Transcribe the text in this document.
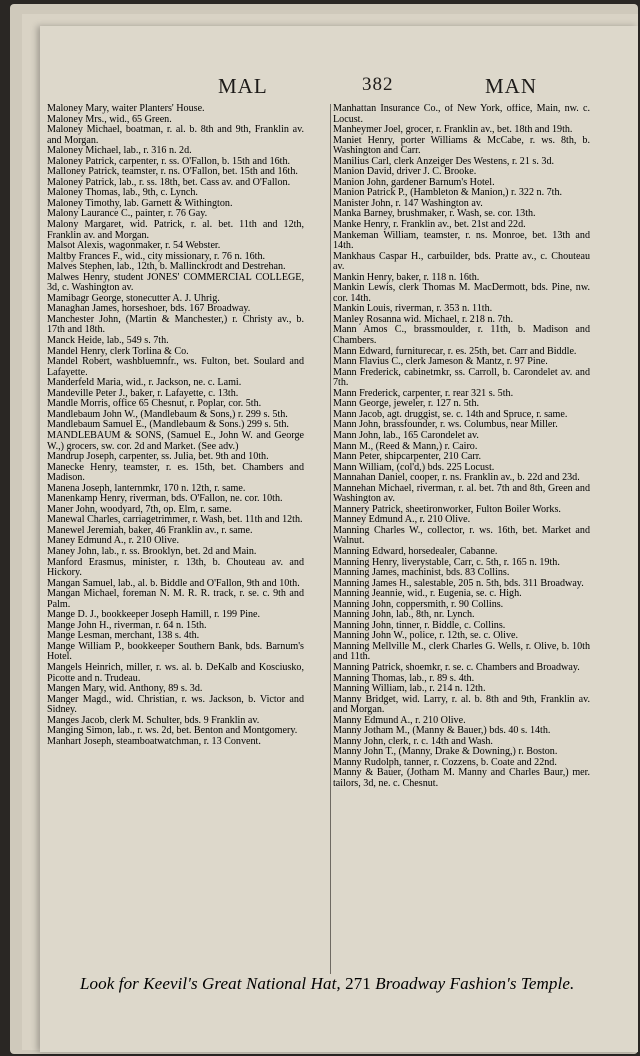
MAL	382	MAN
Maloney Mary, waiter Planters' House.
Maloney Mrs., wid., 65 Green.
Maloney Michael, boatman, r. al. b. 8th and 9th, Franklin av. and Morgan.
Maloney Michael, lab., r. 316 n. 2d.
Maloney Patrick, carpenter, r. ss. O'Fallon, b. 15th and 16th.
Malloney Patrick, teamster, r. ns. O'Fallon, bet. 15th and 16th.
Maloney Patrick, lab., r. ss. 18th, bet. Cass av. and O'Fallon.
Maloney Thomas, lab., 9th, c. Lynch.
Maloney Timothy, lab. Garnett & Withington.
Malony Laurance C., painter, r. 76 Gay.
Malony Margaret, wid. Patrick, r. al. bet. 11th and 12th, Franklin av. and Morgan.
Malsot Alexis, wagonmaker, r. 54 Webster.
Maltby Frances F., wid., city missionary, r. 76 n. 16th.
Malves Stephen, lab., 12th, b. Mallinckrodt and Destrehan.
Malwes Henry, student JONES' COMMERCIAL COLLEGE, 3d, c. Washington av.
Mamibagr George, stonecutter A. J. Uhrig.
Managhan James, horseshoer, bds. 167 Broadway.
Manchester John, (Martin & Manchester,) r. Christy av., b. 17th and 18th.
Manck Heide, lab., 549 s. 7th.
Mandel Henry, clerk Torlina & Co.
Mandel Robert, washbluemnfr., ws. Fulton, bet. Soulard and Lafayette.
Manderfeld Maria, wid., r. Jackson, ne. c. Lami.
Mandeville Peter J., baker, r. Lafayette, c. 13th.
Mandle Morris, office 65 Chesnut, r. Poplar, cor. 5th.
Mandlebaum John W., (Mandlebaum & Sons,) r. 299 s. 5th.
Mandlebaum Samuel E., (Mandlebaum & Sons.) 299 s. 5th.
MANDLEBAUM & SONS, (Samuel E., John W. and George W.,) grocers, sw. cor. 2d and Market. (See adv.)
Mandrup Joseph, carpenter, ss. Julia, bet. 9th and 10th.
Manecke Henry, teamster, r. es. 15th, bet. Chambers and Madison.
Manena Joseph, lanternmkr, 170 n. 12th, r. same.
Manenkamp Henry, riverman, bds. O'Fallon, ne. cor. 10th.
Maner John, woodyard, 7th, op. Elm, r. same.
Manewal Charles, carriagetrimmer, r. Wash, bet. 11th and 12th.
Manewel Jeremiah, baker, 46 Franklin av., r. same.
Maney Edmund A., r. 210 Olive.
Maney John, lab., r. ss. Brooklyn, bet. 2d and Main.
Manford Erasmus, minister, r. 13th, b. Chouteau av. and Hickory.
Mangan Samuel, lab., al. b. Biddle and O'Fallon, 9th and 10th.
Mangan Michael, foreman N. M. R. R. track, r. se. c. 9th and Palm.
Mange D. J., bookkeeper Joseph Hamill, r. 199 Pine.
Mange John H., riverman, r. 64 n. 15th.
Mange Lesman, merchant, 138 s. 4th.
Mange William P., bookkeeper Southern Bank, bds. Barnum's Hotel.
Mangels Heinrich, miller, r. ws. al. b. DeKalb and Kosciusko, Picotte and n. Trudeau.
Mangen Mary, wid. Anthony, 89 s. 3d.
Manger Magd., wid. Christian, r. ws. Jackson, b. Victor and Sidney.
Manges Jacob, clerk M. Schulter, bds. 9 Franklin av.
Manging Simon, lab., r. ws. 2d, bet. Benton and Montgomery.
Manhart Joseph, steamboatwatchman, r. 13 Convent.
Manhattan Insurance Co., of New York, office, Main, nw. c. Locust.
Manheymer Joel, grocer, r. Franklin av., bet. 18th and 19th.
Maniet Henry, porter Williams & McCabe, r. ws. 8th, b. Washington and Carr.
Manilius Carl, clerk Anzeiger Des Westens, r. 21 s. 3d.
Manion David, driver J. C. Brooke.
Manion John, gardener Barnum's Hotel.
Manion Patrick P., (Hambleton & Manion,) r. 322 n. 7th.
Manister John, r. 147 Washington av.
Manka Barney, brushmaker, r. Wash, se. cor. 13th.
Manke Henry, r. Franklin av., bet. 21st and 22d.
Mankeman William, teamster, r. ns. Monroe, bet. 13th and 14th.
Mankhaus Caspar H., carbuilder, bds. Pratte av., c. Chouteau av.
Mankin Henry, baker, r. 118 n. 16th.
Mankin Lewis, clerk Thomas M. MacDermott, bds. Pine, nw. cor. 14th.
Mankin Louis, riverman, r. 353 n. 11th.
Manley Rosanna wid. Michael, r. 218 n. 7th.
Mann Amos C., brassmoulder, r. 11th, b. Madison and Chambers.
Mann Edward, furniturecar, r. es. 25th, bet. Carr and Biddle.
Mann Flavius C., clerk Jameson & Mantz, r. 97 Pine.
Mann Frederick, cabinetmkr, ss. Carroll, b. Carondelet av. and 7th.
Mann Frederick, carpenter, r. rear 321 s. 5th.
Mann George, jeweler, r. 127 n. 5th.
Mann Jacob, agt. druggist, se. c. 14th and Spruce, r. same.
Mann John, brassfounder, r. ws. Columbus, near Miller.
Mann John, lab., 165 Carondelet av.
Mann M., (Reed & Mann,) r. Cairo.
Mann Peter, shipcarpenter, 210 Carr.
Mann William, (col'd,) bds. 225 Locust.
Mannahan Daniel, cooper, r. ns. Franklin av., b. 22d and 23d.
Mannehan Michael, riverman, r. al. bet. 7th and 8th, Green and Washington av.
Mannery Patrick, sheetironworker, Fulton Boiler Works.
Manney Edmund A., r. 210 Olive.
Manning Charles W., collector, r. ws. 16th, bet. Market and Walnut.
Manning Edward, horsedealer, Cabanne.
Manning Henry, liverystable, Carr, c. 5th, r. 165 n. 19th.
Manning James, machinist, bds. 83 Collins.
Manning James H., salestable, 205 n. 5th, bds. 311 Broadway.
Manning Jeannie, wid., r. Eugenia, se. c. High.
Manning John, coppersmith, r. 90 Collins.
Manning John, lab., 8th, nr. Lynch.
Manning John, tinner, r. Biddle, c. Collins.
Manning John W., police, r. 12th, se. c. Olive.
Manning Mellville M., clerk Charles G. Wells, r. Olive, b. 10th and 11th.
Manning Patrick, shoemkr, r. se. c. Chambers and Broadway.
Manning Thomas, lab., r. 89 s. 4th.
Manning William, lab., r. 214 n. 12th.
Manny Bridget, wid. Larry, r. al. b. 8th and 9th, Franklin av. and Morgan.
Manny Edmund A., r. 210 Olive.
Manny Jotham M., (Manny & Bauer,) bds. 40 s. 14th.
Manny John, clerk, r. c. 14th and Wash.
Manny John T., (Manny, Drake & Downing,) r. Boston.
Manny Rudolph, tanner, r. Cozzens, b. Coate and 22nd.
Manny & Bauer, (Jotham M. Manny and Charles Baur,) mer. tailors, 3d, ne. c. Chesnut.
Look for Keevil's Great National Hat, 271 Broadway Fashion's Temple.
